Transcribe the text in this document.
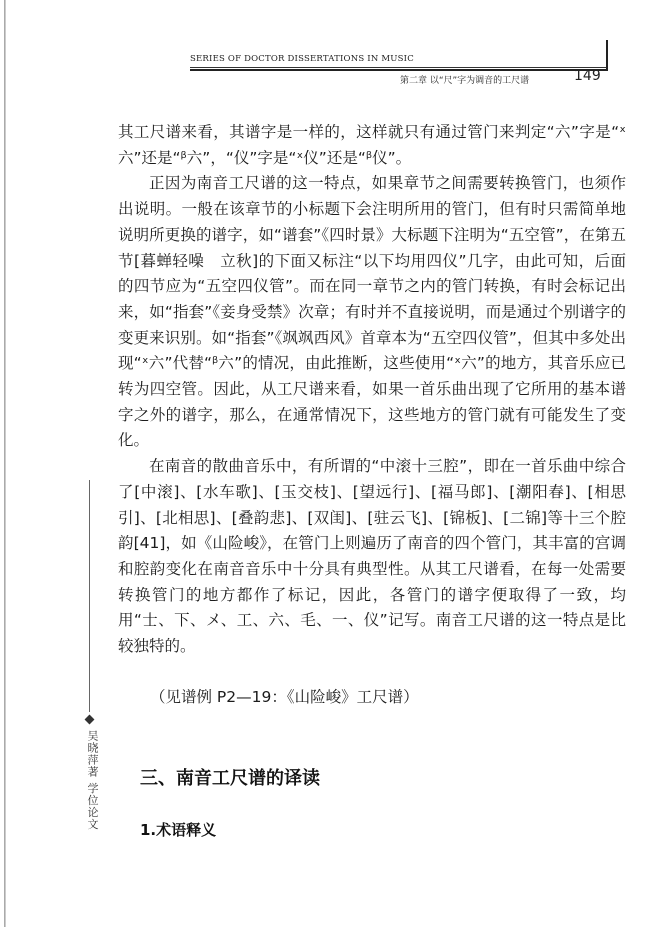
SERIES OF DOCTOR DISSERTATIONS IN MUSIC
第二章 以“尺”字为调音的工尺谱	149

其工尺谱来看，其谱字是一样的，这样就只有通过管门来判定“六”字是“ˣ六”还是“ᵝ六”，“仪”字是“ˣ仪”还是“ᵝ仪”。

正因为南音工尺谱的这一特点，如果章节之间需要转换管门，也须作出说明。一般在该章节的小标题下会注明所用的管门，但有时只需简单地说明所更换的谱字，如“谱套”《四时景》大标题下注明为“五空管”，在第五节[暮蝉轻噪　立秋]的下面又标注“以下均用四仪”几字，由此可知，后面的四节应为“五空四仪管”。而在同一章节之内的管门转换，有时会标记出来，如“指套”《妾身受禁》次章；有时并不直接说明，而是通过个别谱字的变更来识别。如“指套”《飒飒西风》首章本为“五空四仪管”，但其中多处出现“ˣ六”代替“ᵝ六”的情况，由此推断，这些使用“ˣ六”的地方，其音乐应已转为四空管。因此，从工尺谱来看，如果一首乐曲出现了它所用的基本谱字之外的谱字，那么，在通常情况下，这些地方的管门就有可能发生了变化。

在南音的散曲音乐中，有所谓的“中滚十三腔”，即在一首乐曲中综合了[中滚]、[水车歌]、[玉交枝]、[望远行]、[福马郎]、[潮阳春]、[相思引]、[北相思]、[叠韵悲]、[双闺]、[驻云飞]、[锦板]、[二锦]等十三个腔韵[41]，如《山险峻》，在管门上则遍历了南音的四个管门，其丰富的宫调和腔韵变化在南音音乐中十分具有典型性。从其工尺谱看，在每一处需要转换管门的地方都作了标记，因此，各管门的谱字便取得了一致，均用“士、下、メ、工、六、毛、一、仪”记写。南音工尺谱的这一特点是比较独特的。

（见谱例 P2—19：《山险峻》工尺谱）
三、南音工尺谱的译读
1.术语释义
吴晓萍著 学位论文
